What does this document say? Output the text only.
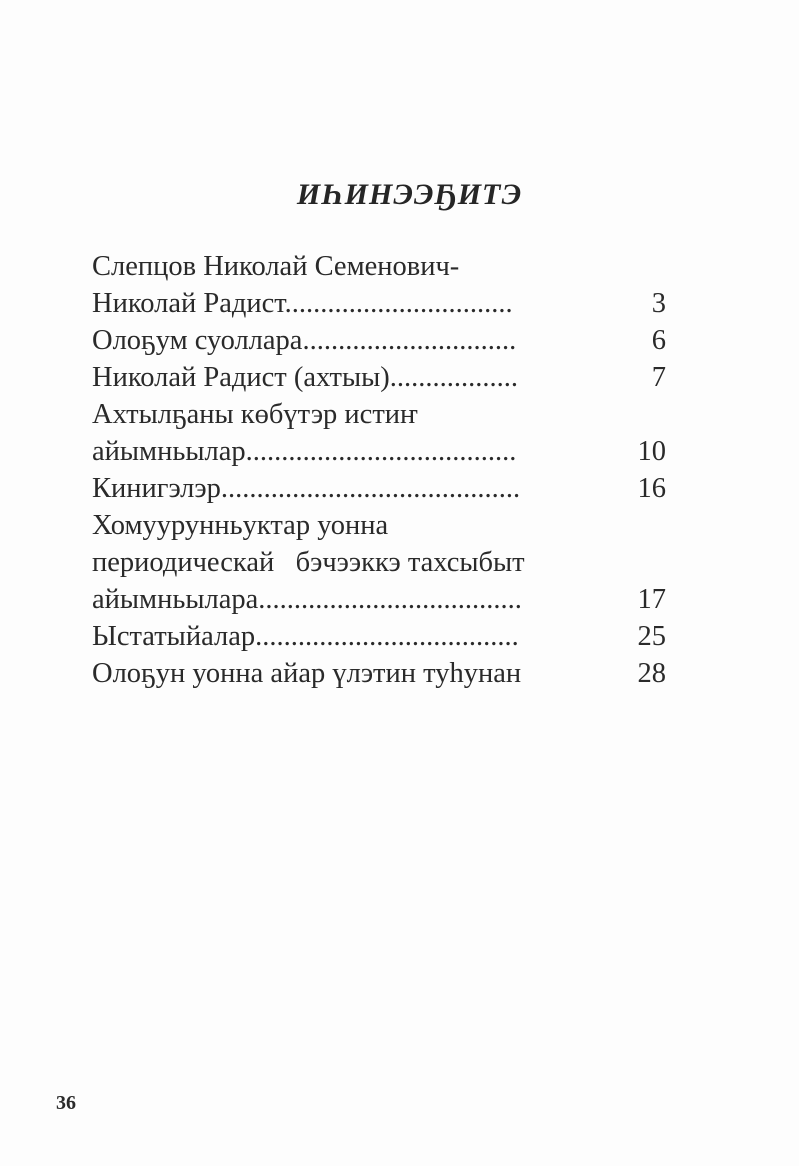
ИҺИНЭЭҔИТЭ
Слепцов Николай Семенович-
Николай Радист................................	3
Олоҕум суоллара..............................	6
Николай Радист (ахтыы)..................	7
Ахтылҕаны көбүтэр истиҥ
айымньылар......................................	10
Кинигэлэр..........................................	16
Хомуурунньуктар уонна
периодическай   бэчээккэ тахсыбыт
айымньылара.....................................	17
Ыстатыйалар.....................................	25
Олоҕун уонна айар үлэтин туһунан	28
36
